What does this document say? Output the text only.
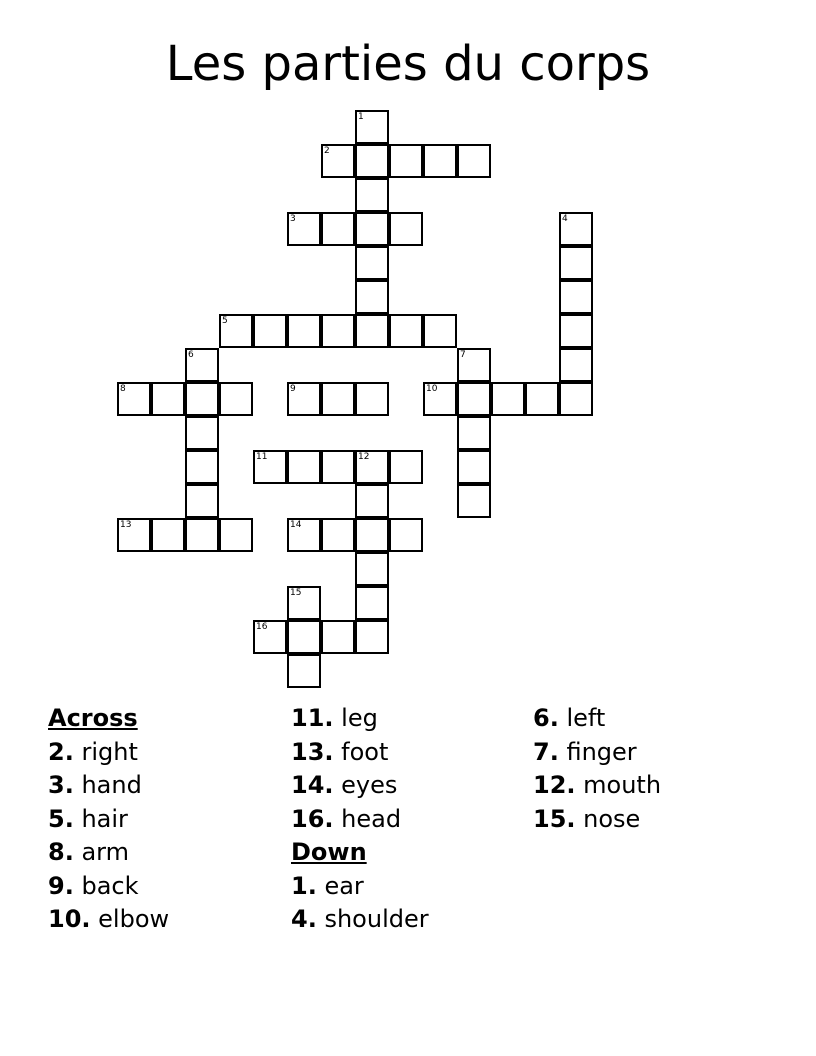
Les parties du corps
1
2
3	4
5
6	7
8	9	10
11	12
13	14
15
16
Across
2. right
3. hand
5. hair
8. arm
9. back
10. elbow
11. leg
13. foot
14. eyes
16. head
Down
1. ear
4. shoulder
6. left
7. finger
12. mouth
15. nose
